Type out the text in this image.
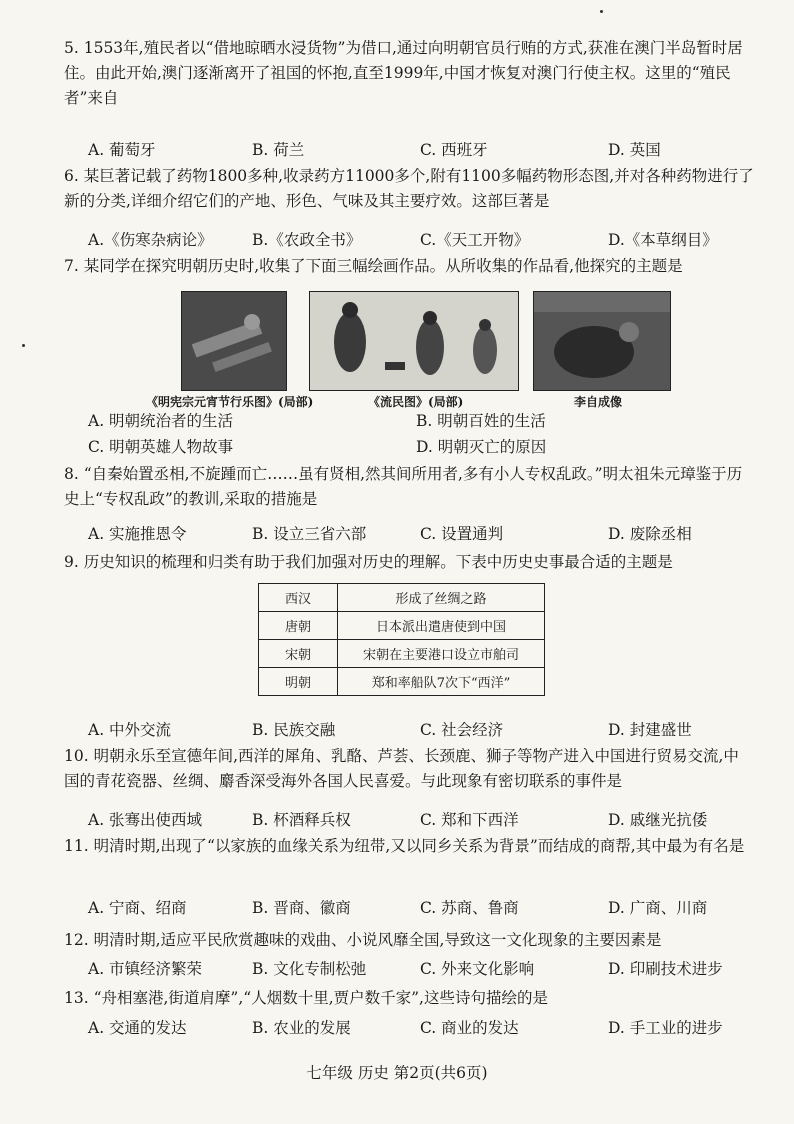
5. 1553年,殖民者以“借地晾晒水浸货物”为借口,通过向明朝官员行贿的方式,获准在澳门半岛暂时居住。由此开始,澳门逐渐离开了祖国的怀抱,直至1999年,中国才恢复对澳门行使主权。这里的“殖民者”来自
A. 葡萄牙	B. 荷兰	C. 西班牙	D. 英国
6. 某巨著记载了药物1800多种,收录药方11000多个,附有1100多幅药物形态图,并对各种药物进行了新的分类,详细介绍它们的产地、形色、气味及其主要疗效。这部巨著是
A.《伤寒杂病论》	B.《农政全书》	C.《天工开物》	D.《本草纲目》
7. 某同学在探究明朝历史时,收集了下面三幅绘画作品。从所收集的作品看,他探究的主题是
《明宪宗元宵节行乐图》(局部)	《流民图》(局部)	李自成像
A. 明朝统治者的生活	B. 明朝百姓的生活
C. 明朝英雄人物故事	D. 明朝灭亡的原因
8. “自秦始置丞相,不旋踵而亡……虽有贤相,然其间所用者,多有小人专权乱政。”明太祖朱元璋鉴于历史上“专权乱政”的教训,采取的措施是
A. 实施推恩令	B. 设立三省六部	C. 设置通判	D. 废除丞相
9. 历史知识的梳理和归类有助于我们加强对历史的理解。下表中历史史事最合适的主题是
西汉	形成了丝绸之路
唐朝	日本派出遣唐使到中国
宋朝	宋朝在主要港口设立市舶司
明朝	郑和率船队7次下“西洋”
A. 中外交流	B. 民族交融	C. 社会经济	D. 封建盛世
10. 明朝永乐至宣德年间,西洋的犀角、乳酪、芦荟、长颈鹿、狮子等物产进入中国进行贸易交流,中国的青花瓷器、丝绸、麝香深受海外各国人民喜爱。与此现象有密切联系的事件是
A. 张骞出使西域	B. 杯酒释兵权	C. 郑和下西洋	D. 戚继光抗倭
11. 明清时期,出现了“以家族的血缘关系为纽带,又以同乡关系为背景”而结成的商帮,其中最为有名是
A. 宁商、绍商	B. 晋商、徽商	C. 苏商、鲁商	D. 广商、川商
12. 明清时期,适应平民欣赏趣味的戏曲、小说风靡全国,导致这一文化现象的主要因素是
A. 市镇经济繁荣	B. 文化专制松弛	C. 外来文化影响	D. 印刷技术进步
13. “舟相塞港,街道肩摩”,“人烟数十里,贾户数千家”,这些诗句描绘的是
A. 交通的发达	B. 农业的发展	C. 商业的发达	D. 手工业的进步
七年级 历史 第2页(共6页)
